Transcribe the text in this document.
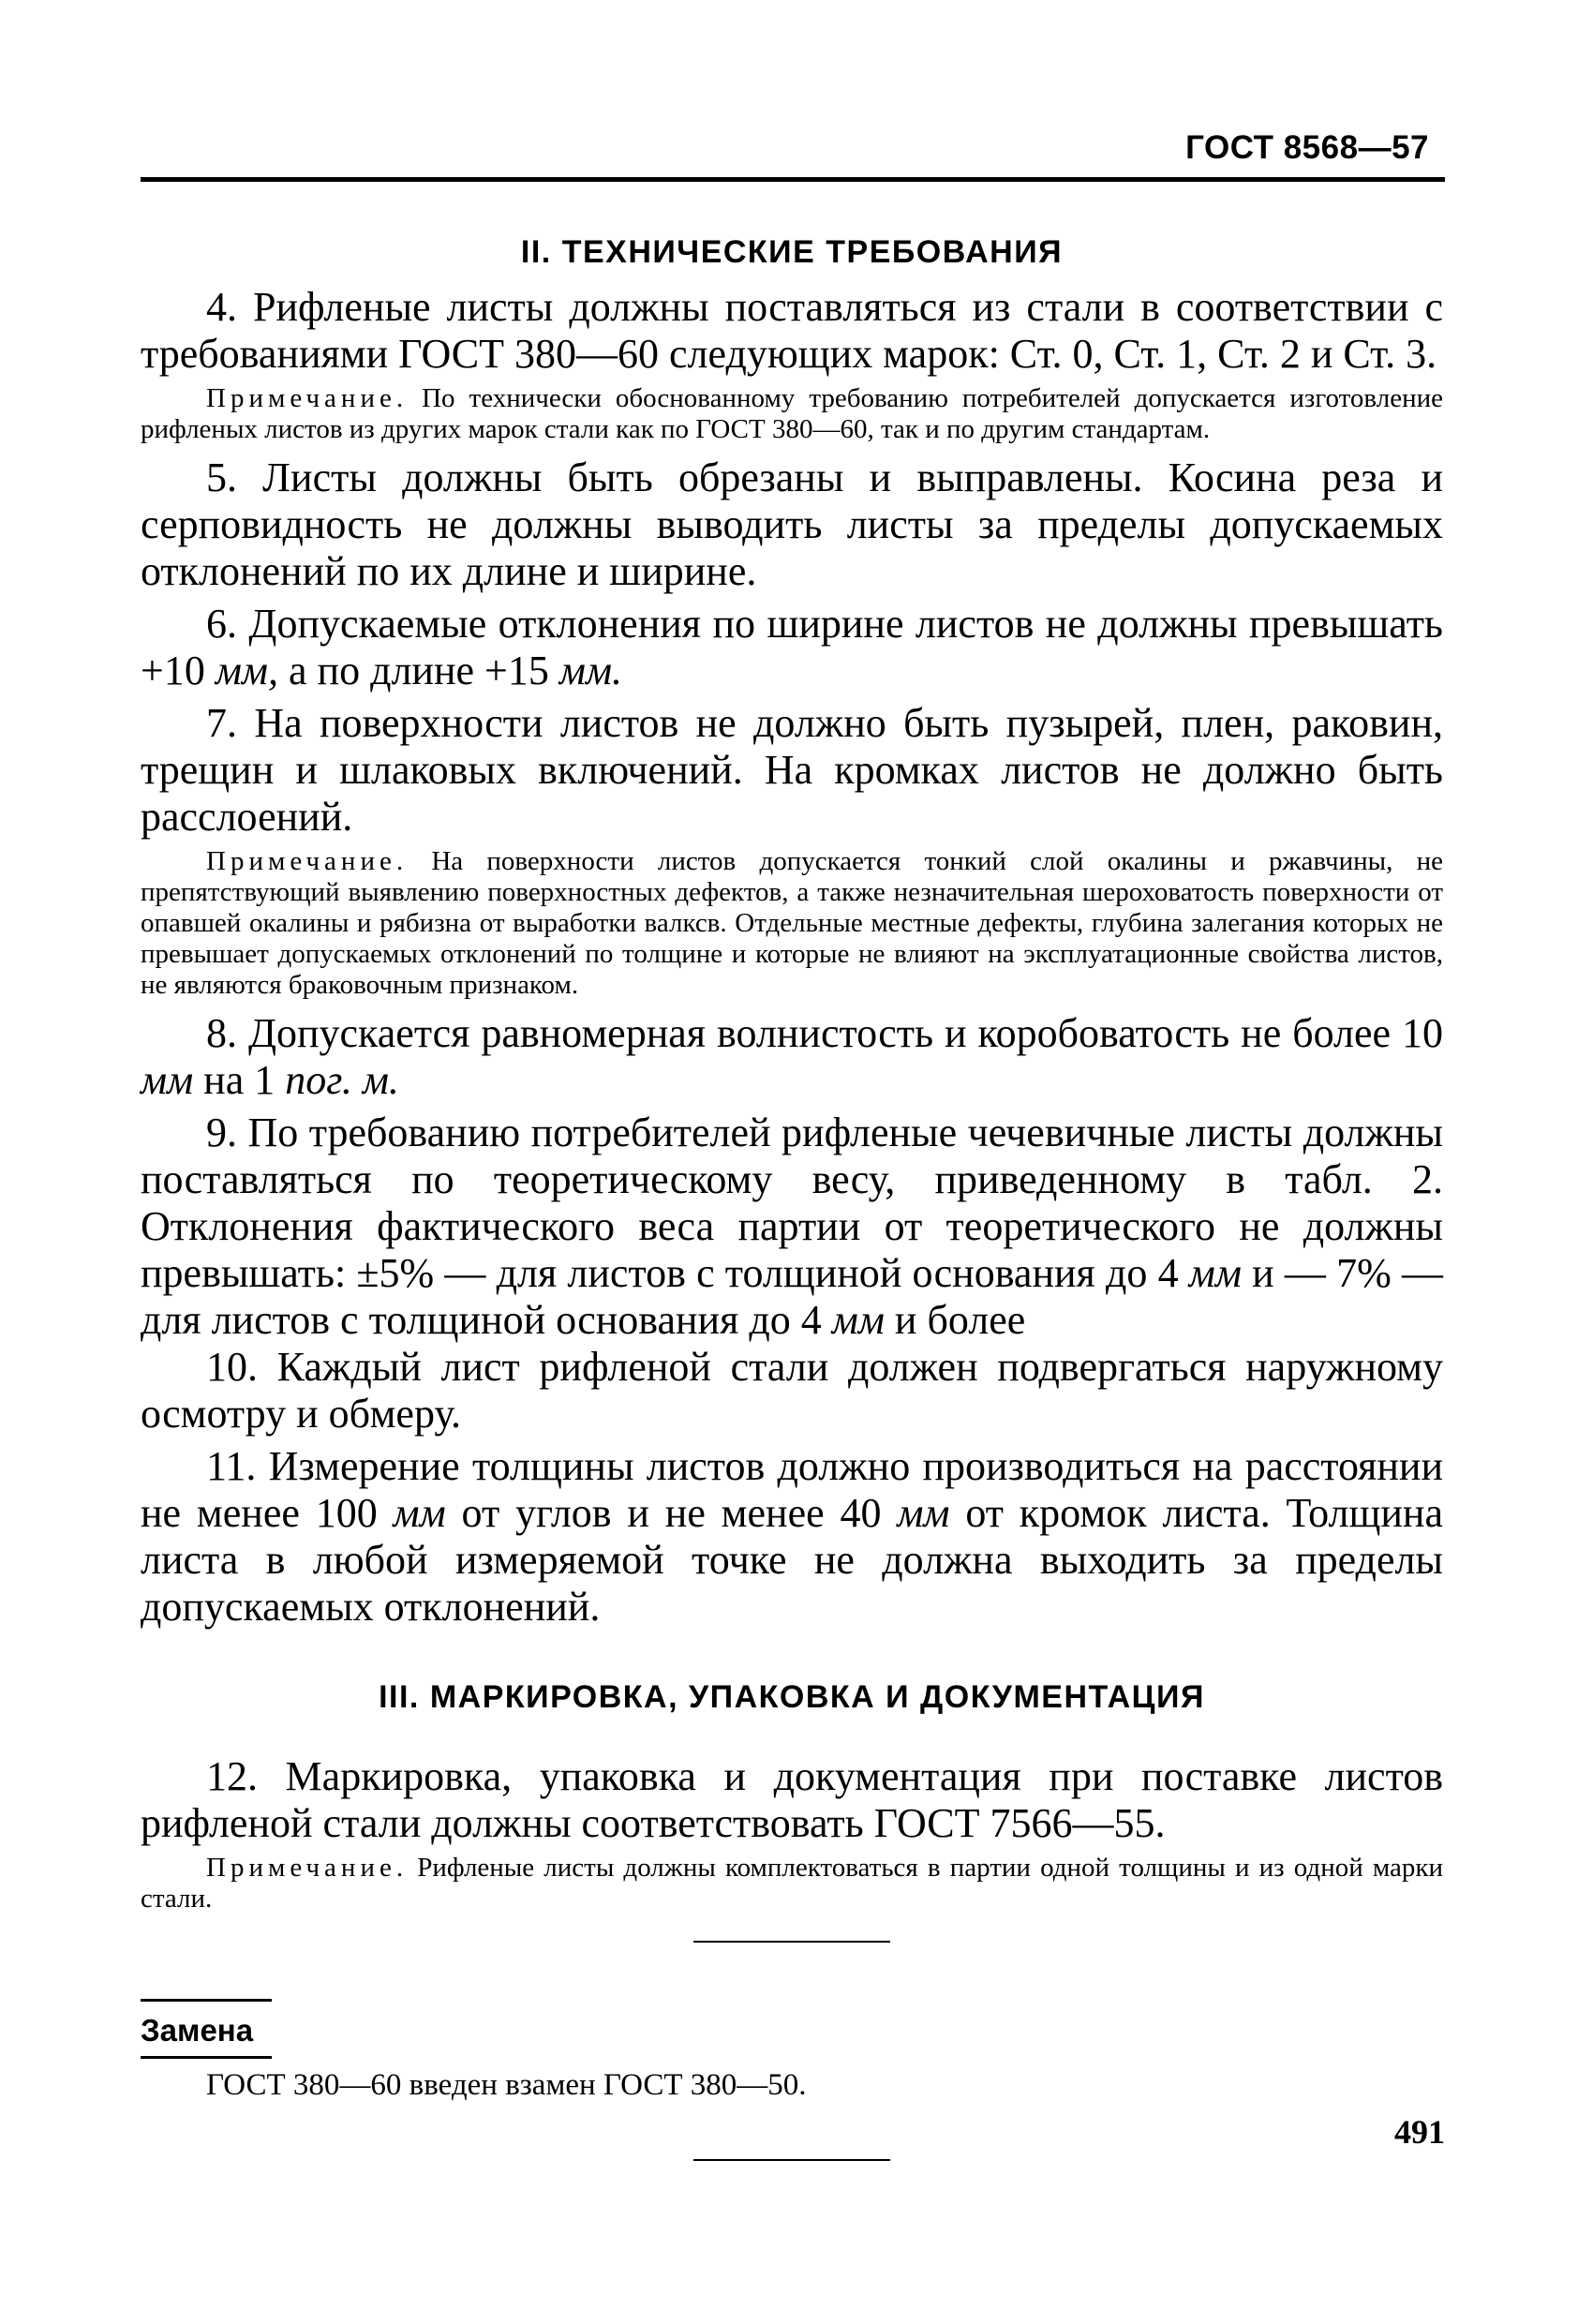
ГОСТ 8568—57
II. ТЕХНИЧЕСКИЕ ТРЕБОВАНИЯ

4. Рифленые листы должны поставляться из стали в соответствии с требованиями ГОСТ 380—60 следующих марок: Ст. 0, Ст. 1, Ст. 2 и Ст. 3.

Примечание. По технически обоснованному требованию потребителей допускается изготовление рифленых листов из других марок стали как по ГОСТ 380—60, так и по другим стандартам.

5. Листы должны быть обрезаны и выправлены. Косина реза и серповидность не должны выводить листы за пределы допускаемых отклонений по их длине и ширине.

6. Допускаемые отклонения по ширине листов не должны превышать +10 мм, а по длине +15 мм.

7. На поверхности листов не должно быть пузырей, плен, раковин, трещин и шлаковых включений. На кромках листов не должно быть расслоений.

Примечание. На поверхности листов допускается тонкий слой окалины и ржавчины, не препятствующий выявлению поверхностных дефектов, а также незначительная шероховатость поверхности от опавшей окалины и рябизна от выработки валксв. Отдельные местные дефекты, глубина залегания которых не превышает допускаемых отклонений по толщине и которые не влияют на эксплуатационные свойства листов, не являются браковочным признаком.

8. Допускается равномерная волнистость и коробоватость не более 10 мм на 1 пог. м.

9. По требованию потребителей рифленые чечевичные листы должны поставляться по теоретическому весу, приведенному в табл. 2. Отклонения фактического веса партии от теоретического не должны превышать: ±5% — для листов с толщиной основания до 4 мм и — 7% — для листов с толщиной основания до 4 мм и более

10. Каждый лист рифленой стали должен подвергаться наружному осмотру и обмеру.

11. Измерение толщины листов должно производиться на расстоянии не менее 100 мм от углов и не менее 40 мм от кромок листа. Толщина листа в любой измеряемой точке не должна выходить за пределы допускаемых отклонений.

III. МАРКИРОВКА, УПАКОВКА И ДОКУМЕНТАЦИЯ

12. Маркировка, упаковка и документация при поставке листов рифленой стали должны соответствовать ГОСТ 7566—55.

Примечание. Рифленые листы должны комплектоваться в партии одной толщины и из одной марки стали.

Замена

ГОСТ 380—60 введен взамен ГОСТ 380—50.

491
